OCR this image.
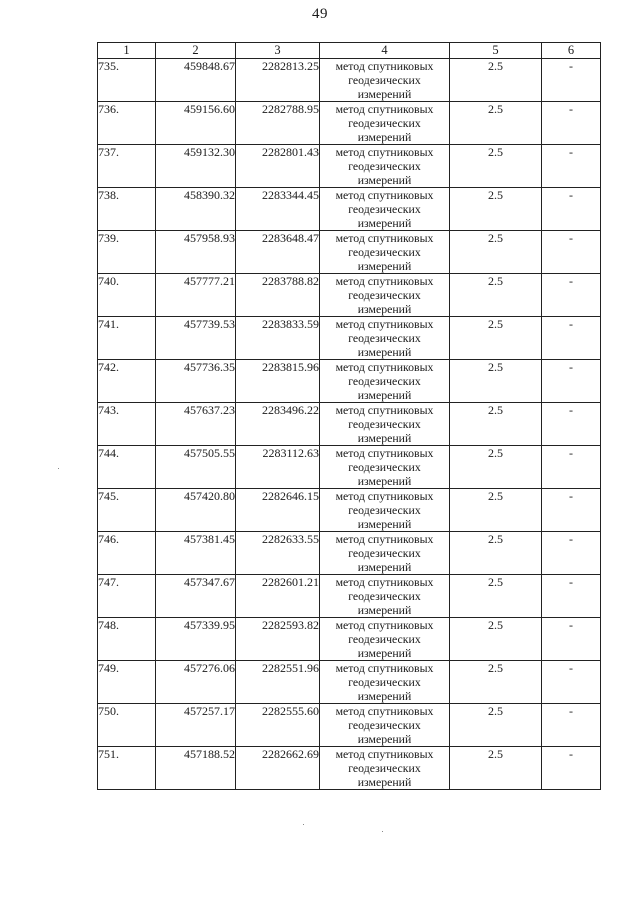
49
1	2	3	4	5	6
735.	459848.67	2282813.25	метод спутниковых
геодезических
измерений	2.5	-
736.	459156.60	2282788.95	метод спутниковых
геодезических
измерений	2.5	-
737.	459132.30	2282801.43	метод спутниковых
геодезических
измерений	2.5	-
738.	458390.32	2283344.45	метод спутниковых
геодезических
измерений	2.5	-
739.	457958.93	2283648.47	метод спутниковых
геодезических
измерений	2.5	-
740.	457777.21	2283788.82	метод спутниковых
геодезических
измерений	2.5	-
741.	457739.53	2283833.59	метод спутниковых
геодезических
измерений	2.5	-
742.	457736.35	2283815.96	метод спутниковых
геодезических
измерений	2.5	-
743.	457637.23	2283496.22	метод спутниковых
геодезических
измерений	2.5	-
744.	457505.55	2283112.63	метод спутниковых
геодезических
измерений	2.5	-
745.	457420.80	2282646.15	метод спутниковых
геодезических
измерений	2.5	-
746.	457381.45	2282633.55	метод спутниковых
геодезических
измерений	2.5	-
747.	457347.67	2282601.21	метод спутниковых
геодезических
измерений	2.5	-
748.	457339.95	2282593.82	метод спутниковых
геодезических
измерений	2.5	-
749.	457276.06	2282551.96	метод спутниковых
геодезических
измерений	2.5	-
750.	457257.17	2282555.60	метод спутниковых
геодезических
измерений	2.5	-
751.	457188.52	2282662.69	метод спутниковых
геодезических
измерений	2.5	-
